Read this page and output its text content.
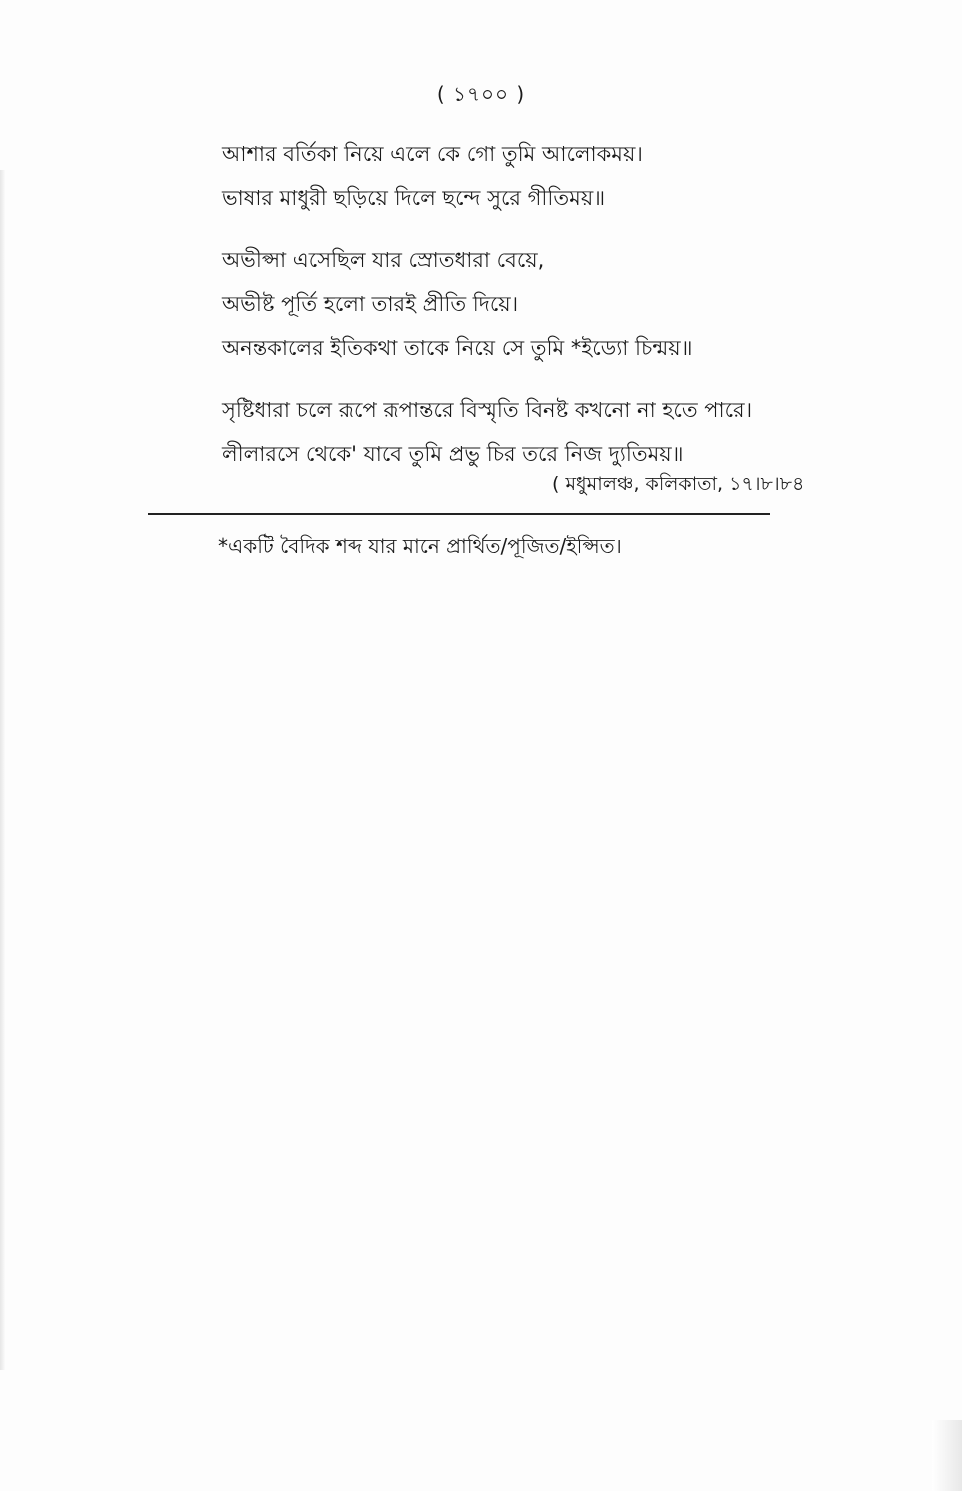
( ১৭০০ )
আশার বর্তিকা নিয়ে এলে কে গো তুমি আলোকময়।
ভাষার মাধুরী ছড়িয়ে দিলে ছন্দে সুরে গীতিময়॥
অভীপ্সা এসেছিল যার স্রোতধারা বেয়ে,
অভীষ্ট পূর্তি হলো তারই প্রীতি দিয়ে।
অনন্তকালের ইতিকথা তাকে নিয়ে সে তুমি *ইড্যো চিন্ময়॥
সৃষ্টিধারা চলে রূপে রূপান্তরে বিস্মৃতি বিনষ্ট কখনো না হতে পারে।
লীলারসে থেকে' যাবে তুমি প্রভু চির তরে নিজ দ্যুতিময়॥
( মধুমালঞ্চ, কলিকাতা, ১৭।৮।৮৪
*একটি বৈদিক শব্দ যার মানে প্রার্থিত/পূজিত/ইপ্সিত।
